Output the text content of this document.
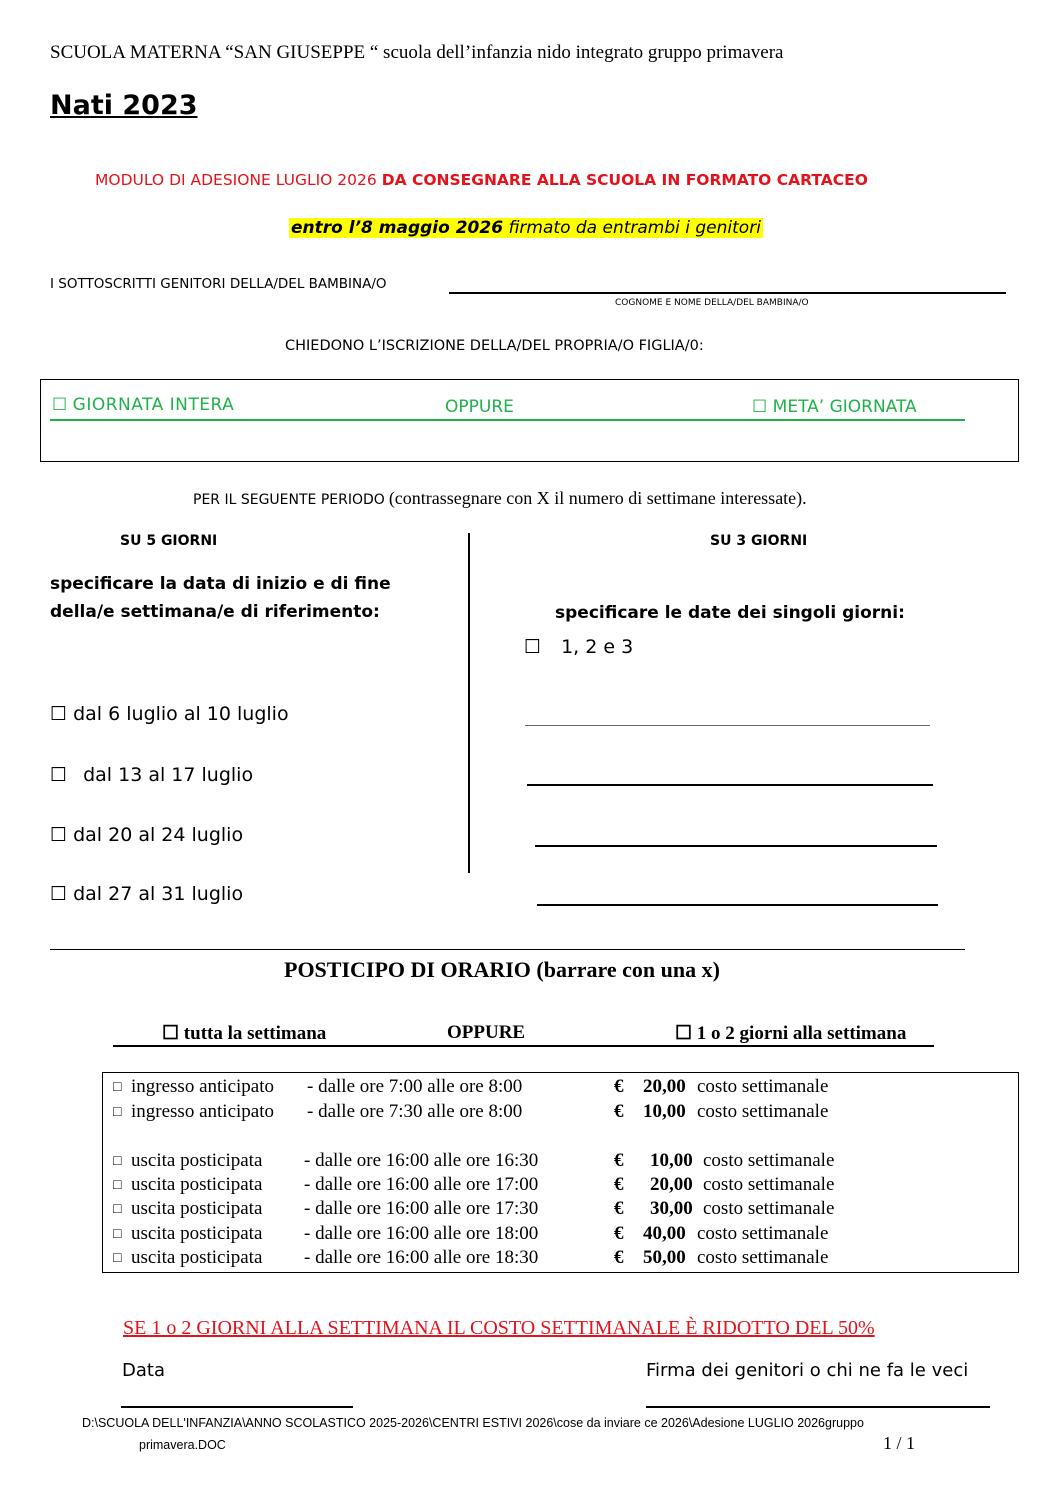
SCUOLA MATERNA “SAN GIUSEPPE “ scuola dell’infanzia nido integrato gruppo primavera
Nati 2023
MODULO DI ADESIONE LUGLIO 2026 DA CONSEGNARE ALLA SCUOLA IN FORMATO CARTACEO
entro l’8 maggio 2026 firmato da entrambi i genitori
I SOTTOSCRITTI GENITORI DELLA/DEL BAMBINA/O
COGNOME E NOME DELLA/DEL BAMBINA/O
CHIEDONO L’ISCRIZIONE DELLA/DEL PROPRIA/O FIGLIA/0:
☐ GIORNATA INTERA	OPPURE	☐ META’ GIORNATA
PER IL SEGUENTE PERIODO (contrassegnare con X il numero di settimane interessate).
SU 5 GIORNI
specificare la data di inizio e di fine
della/e settimana/e di riferimento:
☐ dal 6 luglio al 10 luglio
☐ dal 13 al 17 luglio
☐ dal 20 al 24 luglio
☐ dal 27 al 31 luglio
SU 3 GIORNI
specificare le date dei singoli giorni:
☐ 1, 2 e 3
POSTICIPO DI ORARIO (barrare con una x)
☐ tutta la settimana	OPPURE	☐ 1 o 2 giorni alla settimana
□ ingresso anticipato - dalle ore 7:00 alle ore 8:00	€ 20,00 costo settimanale
□ ingresso anticipato - dalle ore 7:30 alle ore 8:00	€ 10,00 costo settimanale
□ uscita posticipata - dalle ore 16:00 alle ore 16:30	€ 10,00 costo settimanale
□ uscita posticipata - dalle ore 16:00 alle ore 17:00	€ 20,00 costo settimanale
□ uscita posticipata - dalle ore 16:00 alle ore 17:30	€ 30,00 costo settimanale
□ uscita posticipata - dalle ore 16:00 alle ore 18:00	€ 40,00 costo settimanale
□ uscita posticipata - dalle ore 16:00 alle ore 18:30	€ 50,00 costo settimanale
SE 1 o 2 GIORNI ALLA SETTIMANA IL COSTO SETTIMANALE È RIDOTTO DEL 50%
Data	Firma dei genitori o chi ne fa le veci
D:\SCUOLA DELL'INFANZIA\ANNO SCOLASTICO 2025-2026\CENTRI ESTIVI 2026\cose da inviare ce 2026\Adesione LUGLIO 2026gruppo
primavera.DOC	1 / 1
